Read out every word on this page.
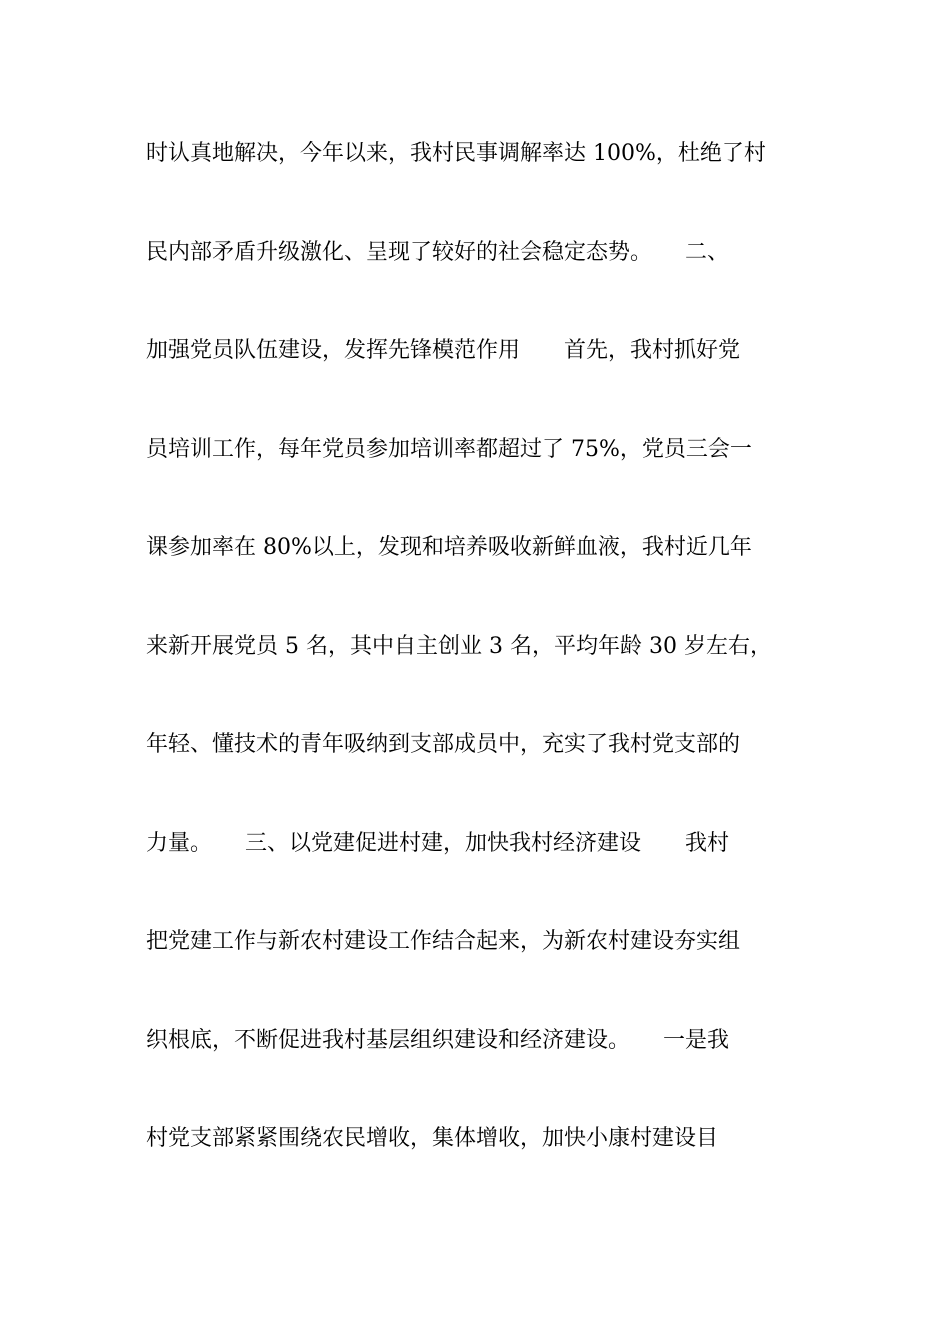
时认真地解决，今年以来，我村民事调解率达 100%，杜绝了村
民内部矛盾升级激化、呈现了较好的社会稳定态势。　　二、
加强党员队伍建设，发挥先锋模范作用　　首先，我村抓好党
员培训工作，每年党员参加培训率都超过了 75%，党员三会一
课参加率在 80%以上，发现和培养吸收新鲜血液，我村近几年
来新开展党员 5 名，其中自主创业 3 名，平均年龄 30 岁左右，
年轻、懂技术的青年吸纳到支部成员中，充实了我村党支部的
力量。　　三、以党建促进村建，加快我村经济建设　　我村
把党建工作与新农村建设工作结合起来，为新农村建设夯实组
织根底，不断促进我村基层组织建设和经济建设。　　一是我
村党支部紧紧围绕农民增收，集体增收，加快小康村建设目
